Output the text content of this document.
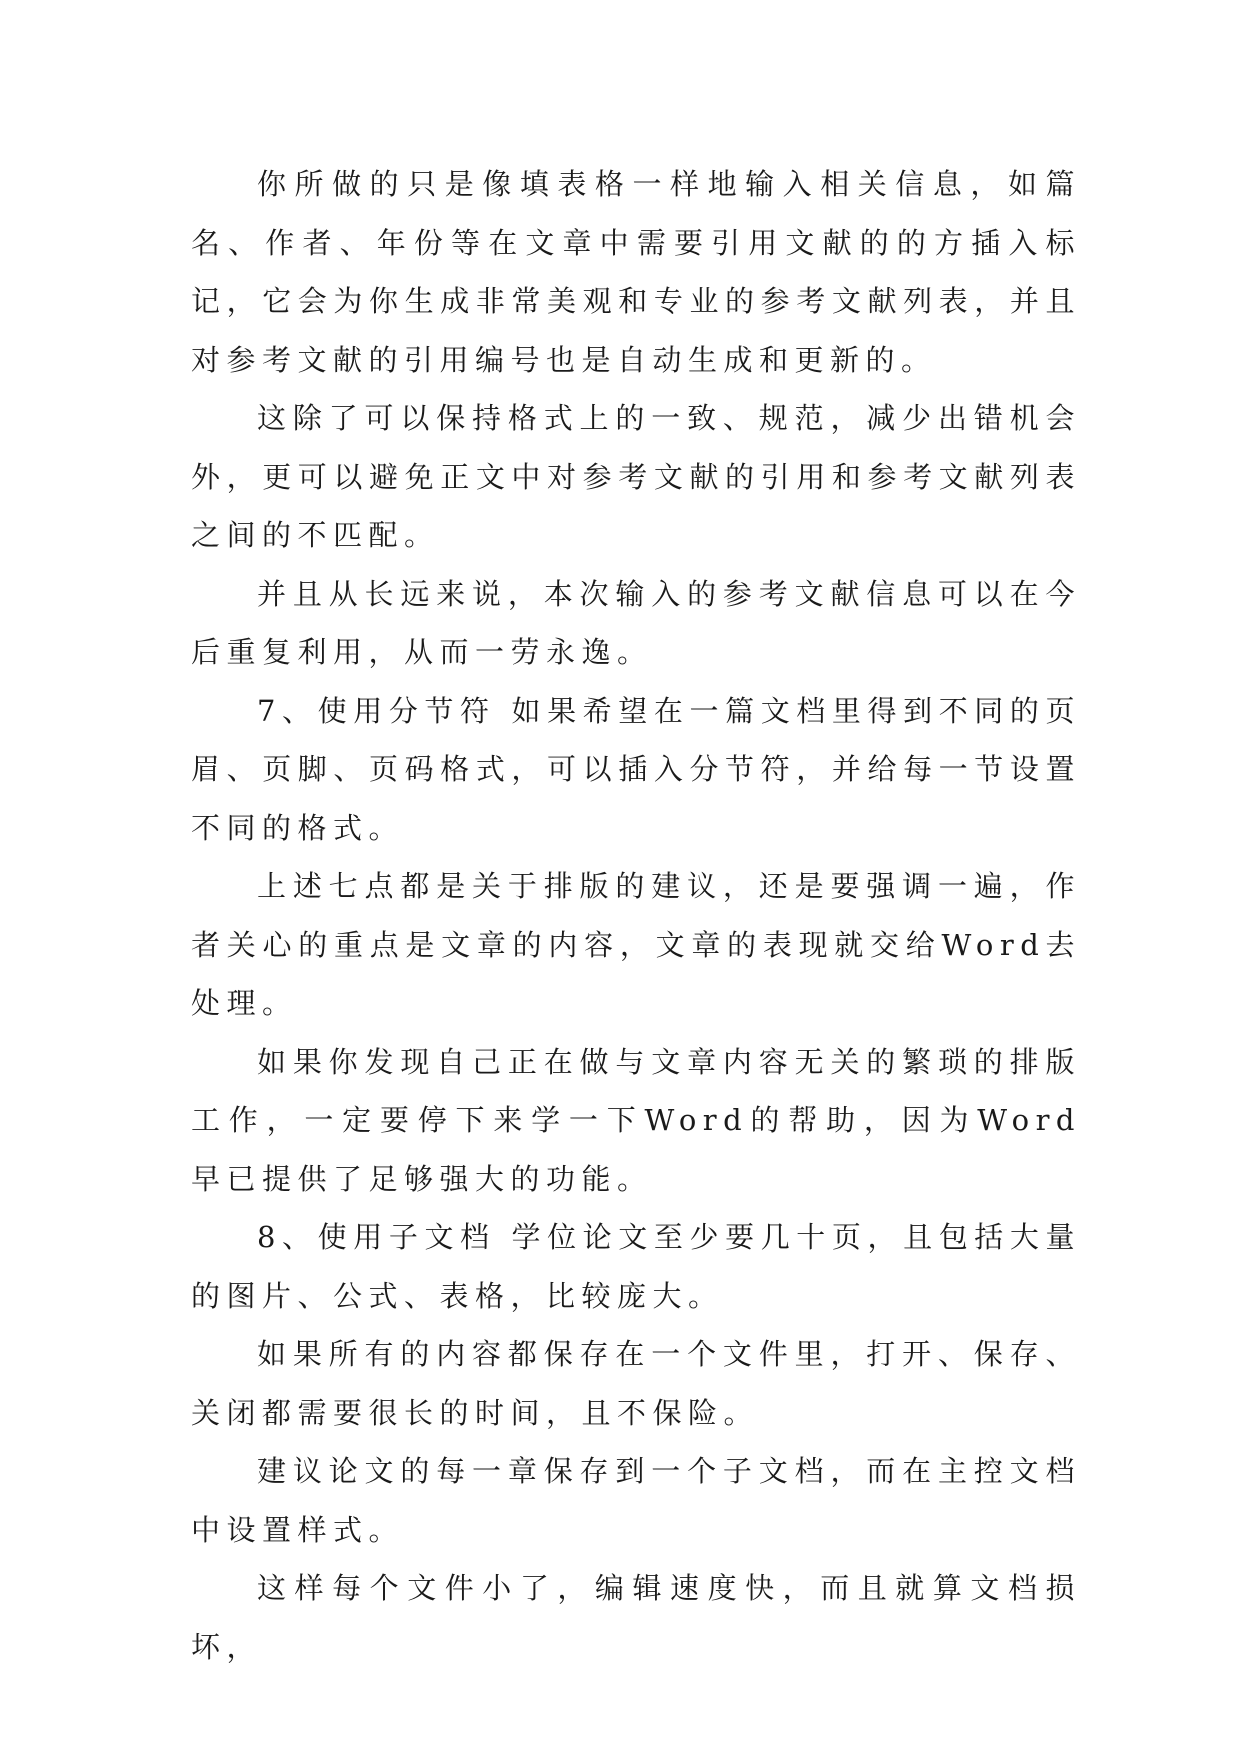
你所做的只是像填表格一样地输入相关信息，如篇名、作者、年份等在文章中需要引用文献的的方插入标记，它会为你生成非常美观和专业的参考文献列表，并且对参考文献的引用编号也是自动生成和更新的。

这除了可以保持格式上的一致、规范，减少出错机会外，更可以避免正文中对参考文献的引用和参考文献列表之间的不匹配。

并且从长远来说，本次输入的参考文献信息可以在今后重复利用，从而一劳永逸。

7、使用分节符 如果希望在一篇文档里得到不同的页眉、页脚、页码格式，可以插入分节符，并给每一节设置不同的格式。

上述七点都是关于排版的建议，还是要强调一遍，作者关心的重点是文章的内容，文章的表现就交给Word去处理。

如果你发现自己正在做与文章内容无关的繁琐的排版工作，一定要停下来学一下Word的帮助，因为Word 早已提供了足够强大的功能。

8、使用子文档 学位论文至少要几十页，且包括大量的图片、公式、表格，比较庞大。

如果所有的内容都保存在一个文件里，打开、保存、关闭都需要很长的时间，且不保险。

建议论文的每一章保存到一个子文档，而在主控文档中设置样式。

这样每个文件小了，编辑速度快，而且就算文档损坏，
